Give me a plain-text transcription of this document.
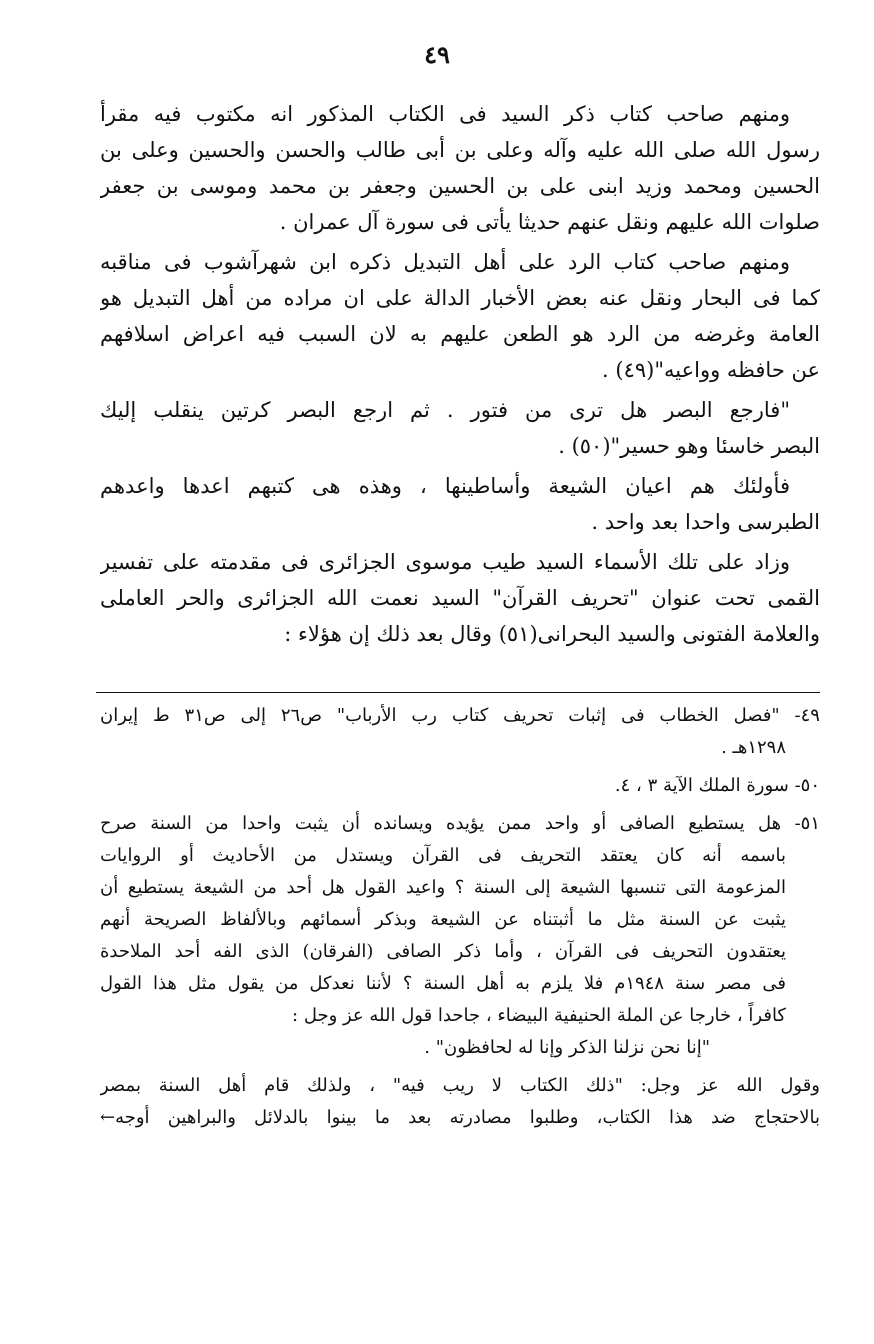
٤٩
ومنهم صاحب كتاب ذكر السيد فى الكتاب المذكور انه مكتوب فيه مقرأ
رسول الله صلى الله عليه وآله وعلى بن أبى طالب والحسن والحسين وعلى بن
الحسين ومحمد وزيد ابنى على بن الحسين وجعفر بن محمد وموسى بن جعفر
صلوات الله عليهم ونقل عنهم حديثا يأتى فى سورة آل عمران .
ومنهم صاحب كتاب الرد على أهل التبديل ذكره ابن شهرآشوب فى مناقبه
كما فى البحار ونقل عنه بعض الأخبار الدالة على ان مراده من أهل التبديل هو
العامة وغرضه من الرد هو الطعن عليهم به لان السبب فيه اعراض اسلافهم
عن حافظه وواعيه"(٤٩) .
"فارجع البصر هل ترى من فتور . ثم ارجع البصر كرتين ينقلب إليك
البصر خاسئا وهو حسير"(٥٠) .
فأولئك هم اعيان الشيعة وأساطينها ، وهذه هى كتبهم اعدها واعدهم
الطبرسى واحدا بعد واحد .
وزاد على تلك الأسماء السيد طيب موسوى الجزائرى فى مقدمته على تفسير
القمى تحت عنوان "تحريف القرآن" السيد نعمت الله الجزائرى والحر العاملى
والعلامة الفتونى والسيد البحرانى(٥١) وقال بعد ذلك إن هؤلاء :
٤٩- "فصل الخطاب فى إثبات تحريف كتاب رب الأرباب" ص٢٦ إلى ص٣١ ط إيران
١٢٩٨هـ .
٥٠- سورة الملك الآية ٣ ، ٤.
٥١- هل يستطيع الصافى أو واحد ممن يؤيده ويسانده أن يثبت واحدا من السنة صرح
باسمه أنه كان يعتقد التحريف فى القرآن ويستدل من الأحاديث أو الروايات
المزعومة التى تنسبها الشيعة إلى السنة ؟ واعيد القول هل أحد من الشيعة يستطيع أن
يثبت عن السنة مثل ما أثبتناه عن الشيعة وبذكر أسمائهم وبالألفاظ الصريحة أنهم
يعتقدون التحريف فى القرآن ، وأما ذكر الصافى (الفرقان) الذى الفه أحد الملاحدة
فى مصر سنة ١٩٤٨م فلا يلزم به أهل السنة ؟ لأننا نعدكل من يقول مثل هذا القول
كافراً ، خارجا عن الملة الحنيفية البيضاء ، جاحدا قول الله عز وجل :
"إنا نحن نزلنا الذكر وإنا له لحافظون" .
وقول الله عز وجل: "ذلك الكتاب لا ريب فيه" ، ولذلك قام أهل السنة بمصر
بالاحتجاج ضد هذا الكتاب، وطلبوا مصادرته بعد ما بينوا بالدلائل والبراهين أوجه←
